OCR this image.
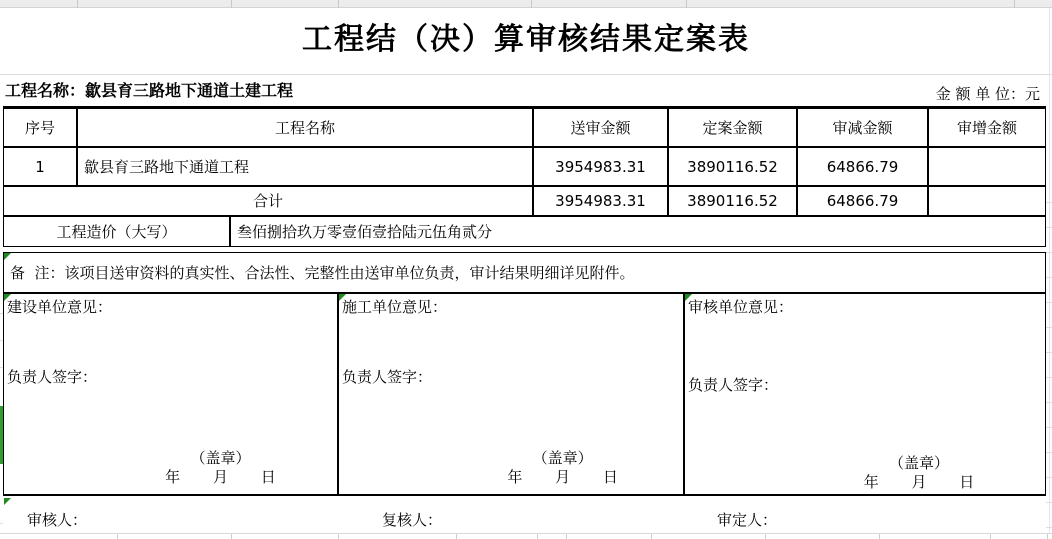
工程结（决）算审核结果定案表
工程名称：歙县育三路地下通道土建工程	金 额 单 位：元
序号	工程名称	送审金额	定案金额	审减金额	审增金额
1	歙县育三路地下通道工程	3954983.31	3890116.52	64866.79
合计	3954983.31	3890116.52	64866.79
工程造价（大写）	叁佰捌拾玖万零壹佰壹拾陆元伍角贰分
备  注：该项目送审资料的真实性、合法性、完整性由送审单位负责，审计结果明细详见附件。
建设单位意见：
负责人签字：
（盖章）
年 月 日
施工单位意见：
负责人签字：
（盖章）
年 月 日
审核单位意见：
负责人签字：
（盖章）
年 月 日
审核人：	复核人：	审定人：
